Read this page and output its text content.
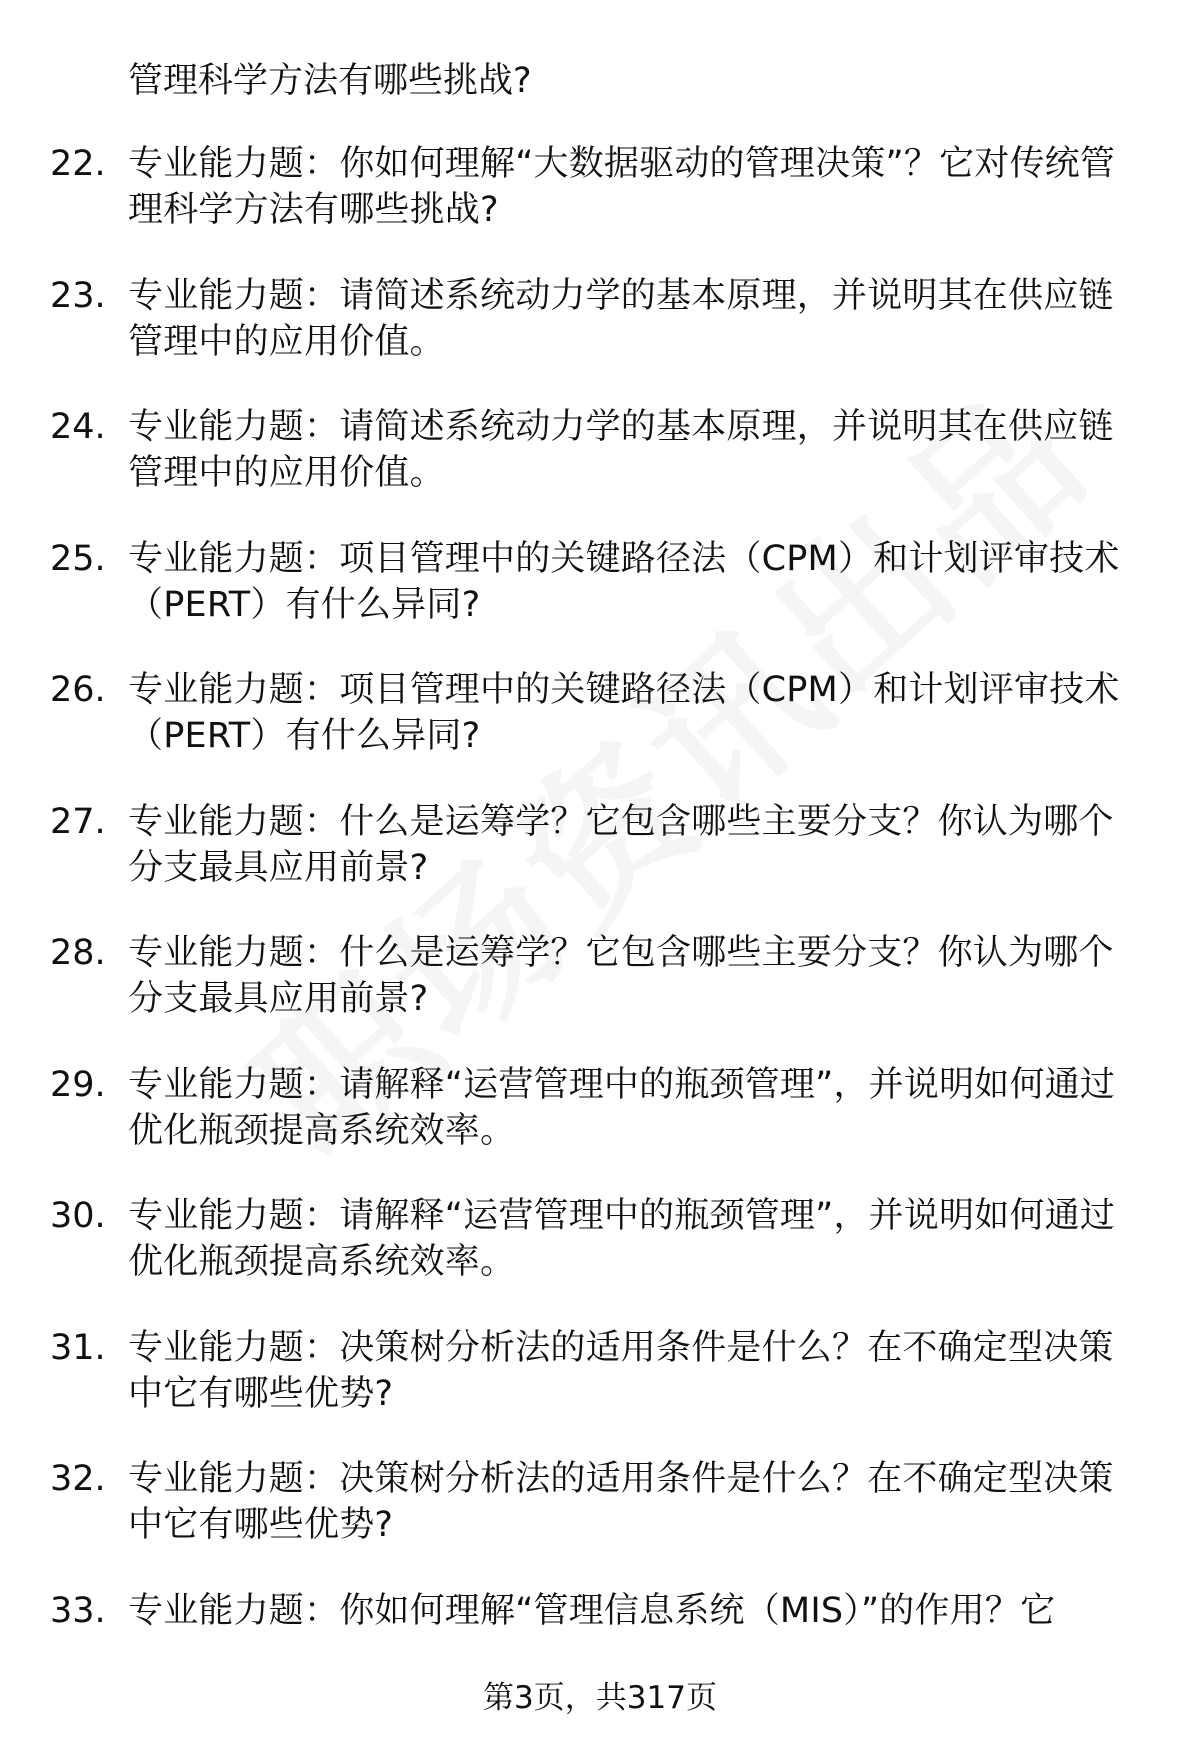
管理科学方法有哪些挑战?
22. 专业能力题：你如何理解“大数据驱动的管理决策”？它对传统管理科学方法有哪些挑战?
23. 专业能力题：请简述系统动力学的基本原理，并说明其在供应链管理中的应用价值。
24. 专业能力题：请简述系统动力学的基本原理，并说明其在供应链管理中的应用价值。
25. 专业能力题：项目管理中的关键路径法（CPM）和计划评审技术（PERT）有什么异同?
26. 专业能力题：项目管理中的关键路径法（CPM）和计划评审技术（PERT）有什么异同?
27. 专业能力题：什么是运筹学？它包含哪些主要分支？你认为哪个分支最具应用前景?
28. 专业能力题：什么是运筹学？它包含哪些主要分支？你认为哪个分支最具应用前景?
29. 专业能力题：请解释“运营管理中的瓶颈管理”，并说明如何通过优化瓶颈提高系统效率。
30. 专业能力题：请解释“运营管理中的瓶颈管理”，并说明如何通过优化瓶颈提高系统效率。
31. 专业能力题：决策树分析法的适用条件是什么？在不确定型决策中它有哪些优势?
32. 专业能力题：决策树分析法的适用条件是什么？在不确定型决策中它有哪些优势?
33. 专业能力题：你如何理解“管理信息系统（MIS）”的作用？它
第3页，共317页
